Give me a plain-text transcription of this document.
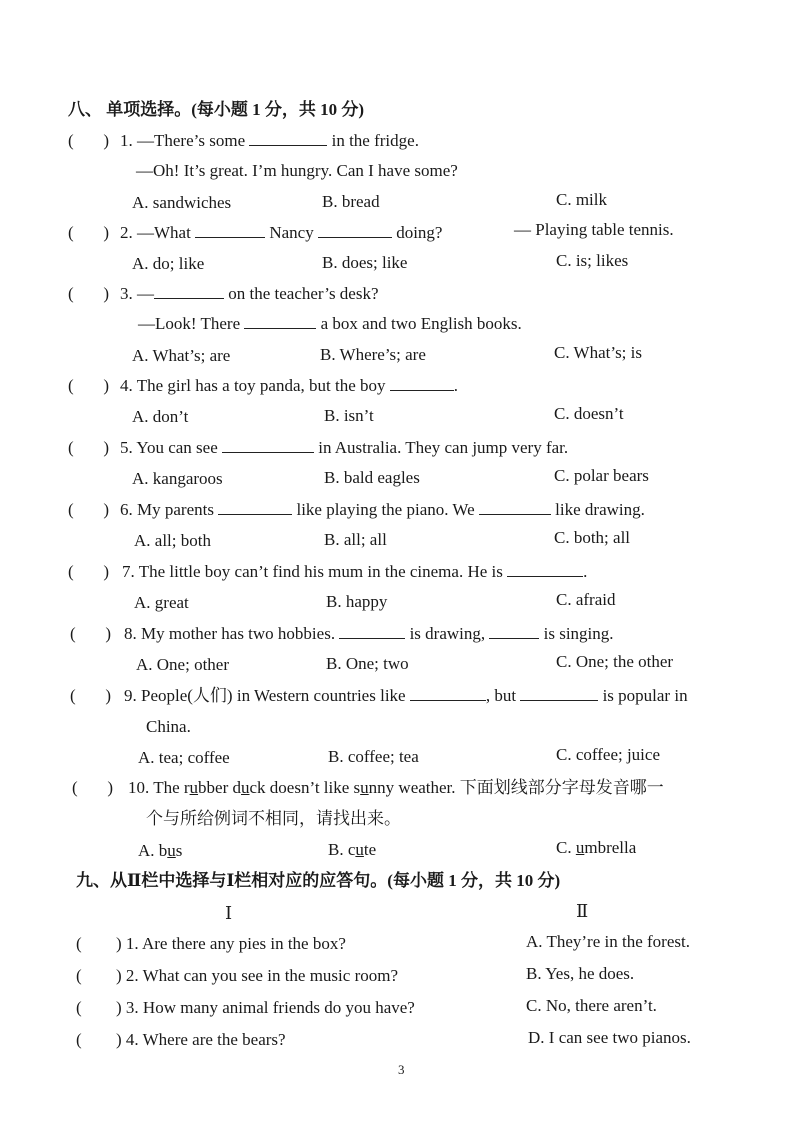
八、 单项选择。(每小题 1 分，共 10 分)
(       ) 1. —There’s some	in the fridge.
—Oh! It’s great. I’m hungry. Can I have some?
A. sandwiches	B. bread	C. milk
(       ) 2. —What	Nancy	doing?	— Playing table tennis.
A. do; like	B. does; like	C. is; likes
(       ) 3. —	on the teacher’s desk?
—Look! There	a box and two English books.
A. What’s; are	B. Where’s; are	C. What’s; is
(       ) 4. The girl has a toy panda, but the boy	.
A. don’t	B. isn’t	C. doesn’t
(       ) 5. You can see	in Australia. They can jump very far.
A. kangaroos	B. bald eagles	C. polar bears
(       ) 6. My parents	like playing the piano. We	like drawing.
A. all; both	B. all; all	C. both; all
(       ) 7. The little boy can’t find his mum in the cinema. He is	.
A. great	B. happy	C. afraid
(       ) 8. My mother has two hobbies.	is drawing,	is singing.
A. One; other	B. One; two	C. One; the other
(       ) 9. People(人们) in Western countries like	, but	is popular in
China.
A. tea; coffee	B. coffee; tea	C. coffee; juice
(       ) 10. The rubber duck doesn’t like sunny weather. 下面划线部分字母发音哪一
个与所给例词不相同，请找出来。
A. bus	B. cute	C. umbrella
九、从Ⅱ栏中选择与Ⅰ栏相对应的应答句。(每小题 1 分，共 10 分)
Ⅰ	Ⅱ
( ) 1. Are there any pies in the box?	A. They’re in the forest.
( ) 2. What can you see in the music room?	B. Yes, he does.
( ) 3. How many animal friends do you have?	C. No, there aren’t.
( ) 4. Where are the bears?	D. I can see two pianos.
3
